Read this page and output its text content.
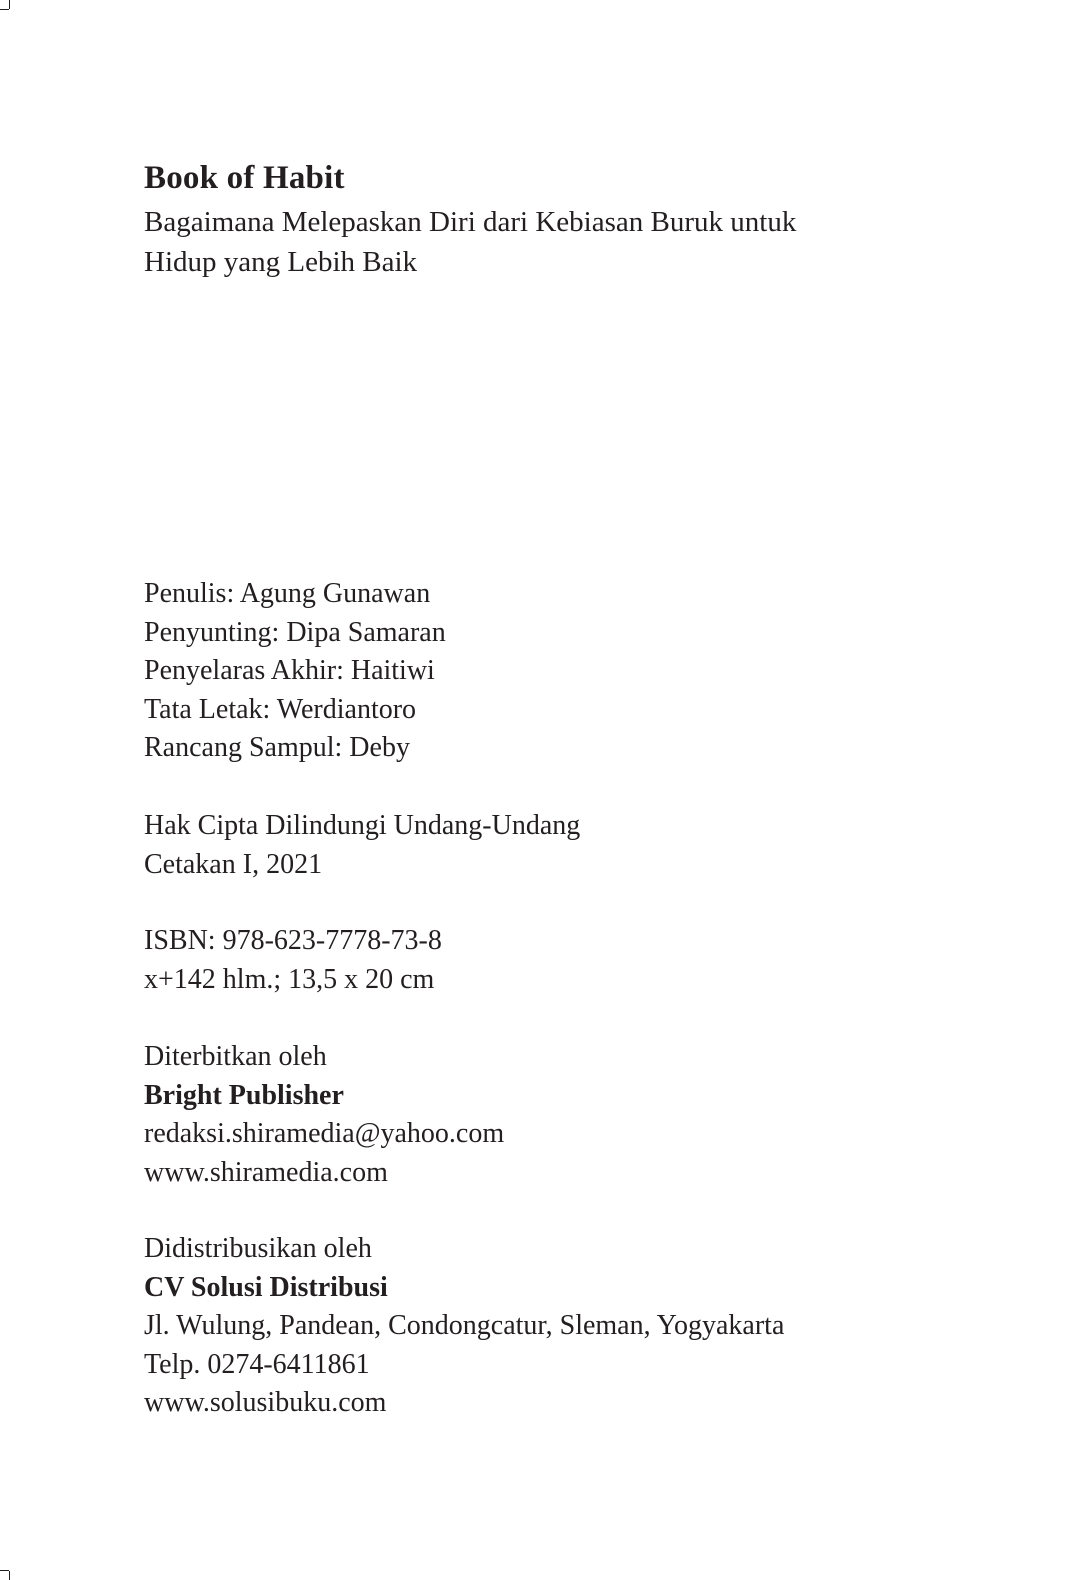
Book of Habit

Bagaimana Melepaskan Diri dari Kebiasan Buruk untuk Hidup yang Lebih Baik

Penulis: Agung Gunawan
Penyunting: Dipa Samaran
Penyelaras Akhir: Haitiwi
Tata Letak: Werdiantoro
Rancang Sampul: Deby
Hak Cipta Dilindungi Undang-Undang
Cetakan I, 2021
ISBN: 978-623-7778-73-8
x+142 hlm.; 13,5 x 20 cm
Diterbitkan oleh
Bright Publisher
redaksi.shiramedia@yahoo.com
www.shiramedia.com
Didistribusikan oleh
CV Solusi Distribusi
Jl. Wulung, Pandean, Condongcatur, Sleman, Yogyakarta
Telp. 0274-6411861
www.solusibuku.com
